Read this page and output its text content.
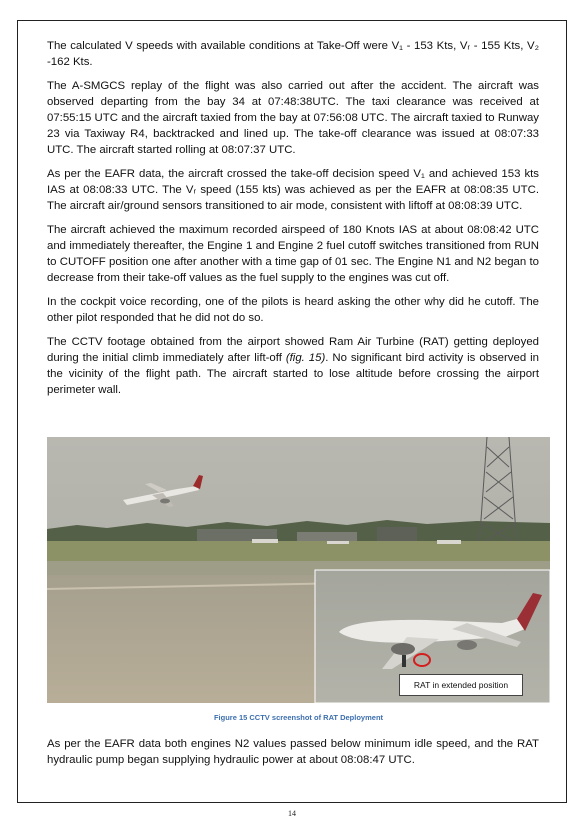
The calculated V speeds with available conditions at Take-Off were V₁ - 153 Kts, Vᵣ - 155 Kts, V₂ -162 Kts.

The A-SMGCS replay of the flight was also carried out after the accident. The aircraft was observed departing from the bay 34 at 07:48:38UTC. The taxi clearance was received at 07:55:15 UTC and the aircraft taxied from the bay at 07:56:08 UTC. The aircraft taxied to Runway 23 via Taxiway R4, backtracked and lined up. The take-off clearance was issued at 08:07:33 UTC. The aircraft started rolling at 08:07:37 UTC.

As per the EAFR data, the aircraft crossed the take-off decision speed V₁ and achieved 153 kts IAS at 08:08:33 UTC. The Vᵣ speed (155 kts) was achieved as per the EAFR at 08:08:35 UTC. The aircraft air/ground sensors transitioned to air mode, consistent with liftoff at 08:08:39 UTC.

The aircraft achieved the maximum recorded airspeed of 180 Knots IAS at about 08:08:42 UTC and immediately thereafter, the Engine 1 and Engine 2 fuel cutoff switches transitioned from RUN to CUTOFF position one after another with a time gap of 01 sec. The Engine N1 and N2 began to decrease from their take-off values as the fuel supply to the engines was cut off.

In the cockpit voice recording, one of the pilots is heard asking the other why did he cutoff. The other pilot responded that he did not do so.

The CCTV footage obtained from the airport showed Ram Air Turbine (RAT) getting deployed during the initial climb immediately after lift-off (fig. 15). No significant bird activity is observed in the vicinity of the flight path. The aircraft started to lose altitude before crossing the airport perimeter wall.

RAT in extended position
Figure 15 CCTV screenshot of RAT Deployment
As per the EAFR data both engines N2 values passed below minimum idle speed, and the RAT hydraulic pump began supplying hydraulic power at about 08:08:47 UTC.
14
